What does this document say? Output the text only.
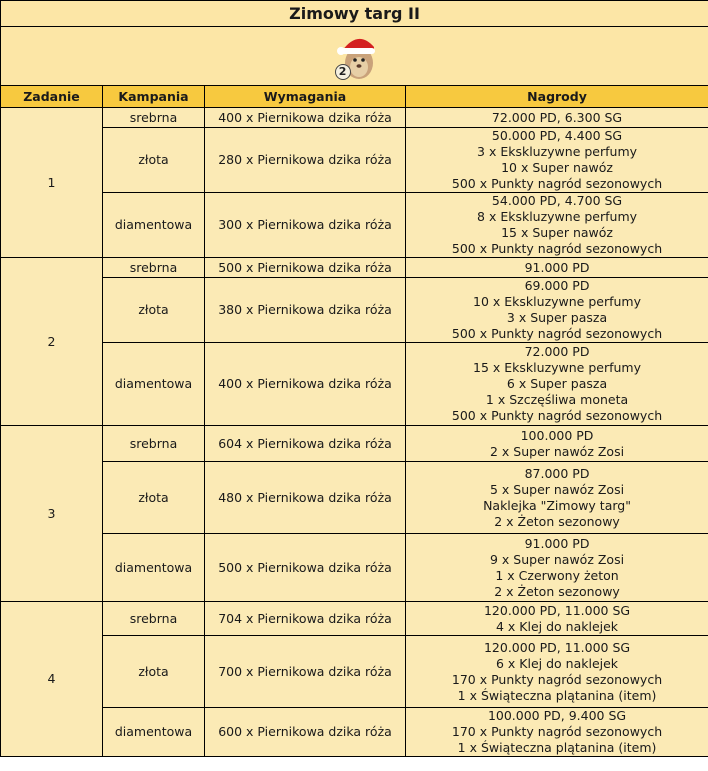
Zimowy targ II			

2			

Zadanie	Kampania	Wymagania	Nagrody
1	srebrna	400 x Piernikowa dzika róża	72.000 PD, 6.300 SG

	złota	280 x Piernikowa dzika róża	50.000 PD, 4.400 SG
3 x Ekskluzywne perfumy
10 x Super nawóz
500 x Punkty nagród sezonowych

	diamentowa	300 x Piernikowa dzika róża	54.000 PD, 4.700 SG
8 x Ekskluzywne perfumy
15 x Super nawóz
500 x Punkty nagród sezonowych

2	srebrna	500 x Piernikowa dzika róża	91.000 PD

	złota	380 x Piernikowa dzika róża	69.000 PD
10 x Ekskluzywne perfumy
3 x Super pasza
500 x Punkty nagród sezonowych

	diamentowa	400 x Piernikowa dzika róża	72.000 PD
15 x Ekskluzywne perfumy
6 x Super pasza
1 x Szczęśliwa moneta
500 x Punkty nagród sezonowych

3	srebrna	604 x Piernikowa dzika róża	100.000 PD
2 x Super nawóz Zosi

	złota	480 x Piernikowa dzika róża	87.000 PD
5 x Super nawóz Zosi
Naklejka "Zimowy targ"
2 x Żeton sezonowy

	diamentowa	500 x Piernikowa dzika róża	91.000 PD
9 x Super nawóz Zosi
1 x Czerwony żeton
2 x Żeton sezonowy

4	srebrna	704 x Piernikowa dzika róża	120.000 PD, 11.000 SG
4 x Klej do naklejek

	złota	700 x Piernikowa dzika róża	120.000 PD, 11.000 SG
6 x Klej do naklejek
170 x Punkty nagród sezonowych
1 x Świąteczna plątanina (item)

	diamentowa	600 x Piernikowa dzika róża	100.000 PD, 9.400 SG
170 x Punkty nagród sezonowych
1 x Świąteczna plątanina (item)
